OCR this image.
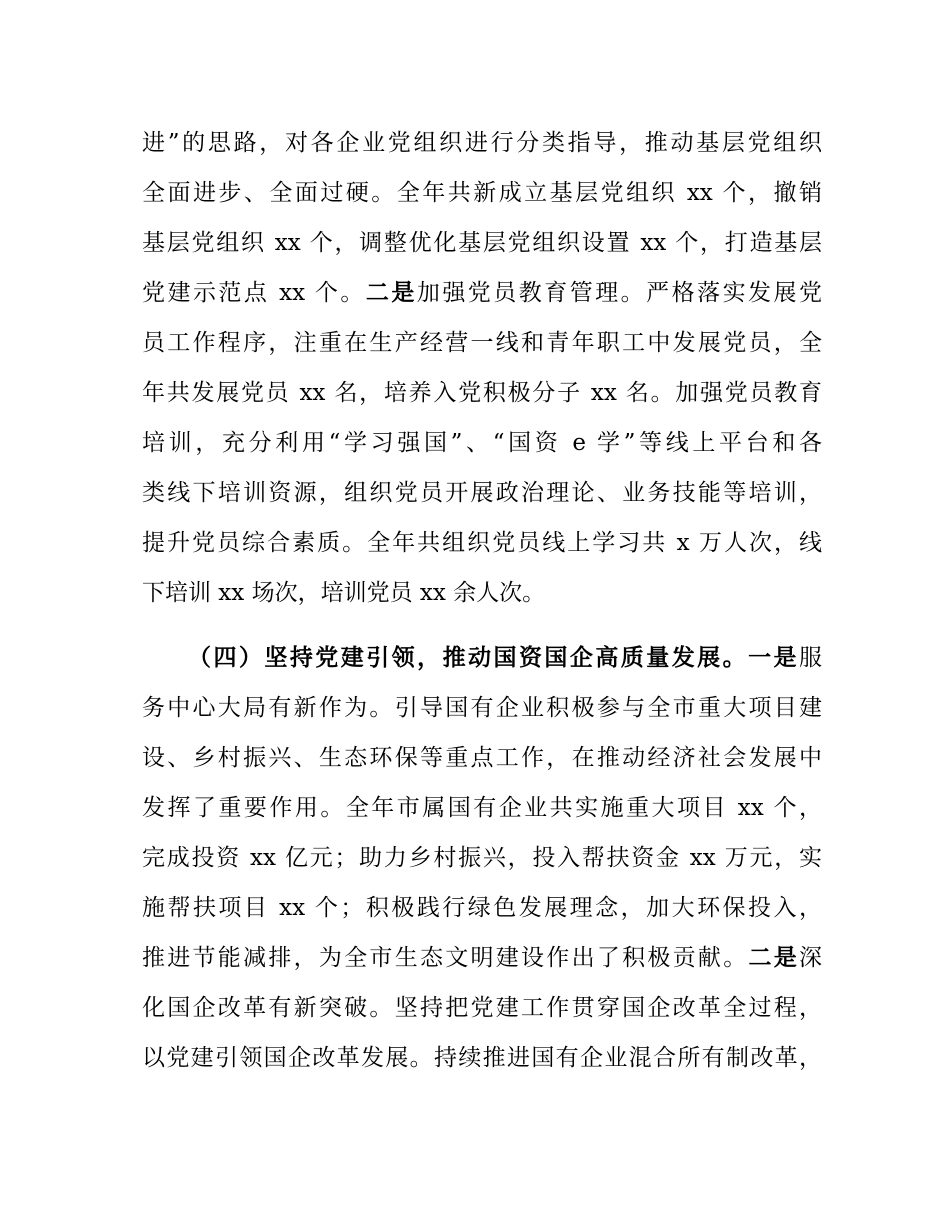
进”的思路，对各企业党组织进行分类指导，推动基层党组织
全面进步、全面过硬。全年共新成立基层党组织 xx 个，撤销
基层党组织 xx 个，调整优化基层党组织设置 xx 个，打造基层
党建示范点 xx 个。二是加强党员教育管理。严格落实发展党
员工作程序，注重在生产经营一线和青年职工中发展党员，全
年共发展党员 xx 名，培养入党积极分子 xx 名。加强党员教育
培训，充分利用“学习强国”、“国资 e 学”等线上平台和各
类线下培训资源，组织党员开展政治理论、业务技能等培训，
提升党员综合素质。全年共组织党员线上学习共 x 万人次，线
下培训 xx 场次，培训党员 xx 余人次。
（四）坚持党建引领，推动国资国企高质量发展。一是服
务中心大局有新作为。引导国有企业积极参与全市重大项目建
设、乡村振兴、生态环保等重点工作，在推动经济社会发展中
发挥了重要作用。全年市属国有企业共实施重大项目 xx 个，
完成投资 xx 亿元；助力乡村振兴，投入帮扶资金 xx 万元，实
施帮扶项目 xx 个；积极践行绿色发展理念，加大环保投入，
推进节能减排，为全市生态文明建设作出了积极贡献。二是深
化国企改革有新突破。坚持把党建工作贯穿国企改革全过程，
以党建引领国企改革发展。持续推进国有企业混合所有制改革，
